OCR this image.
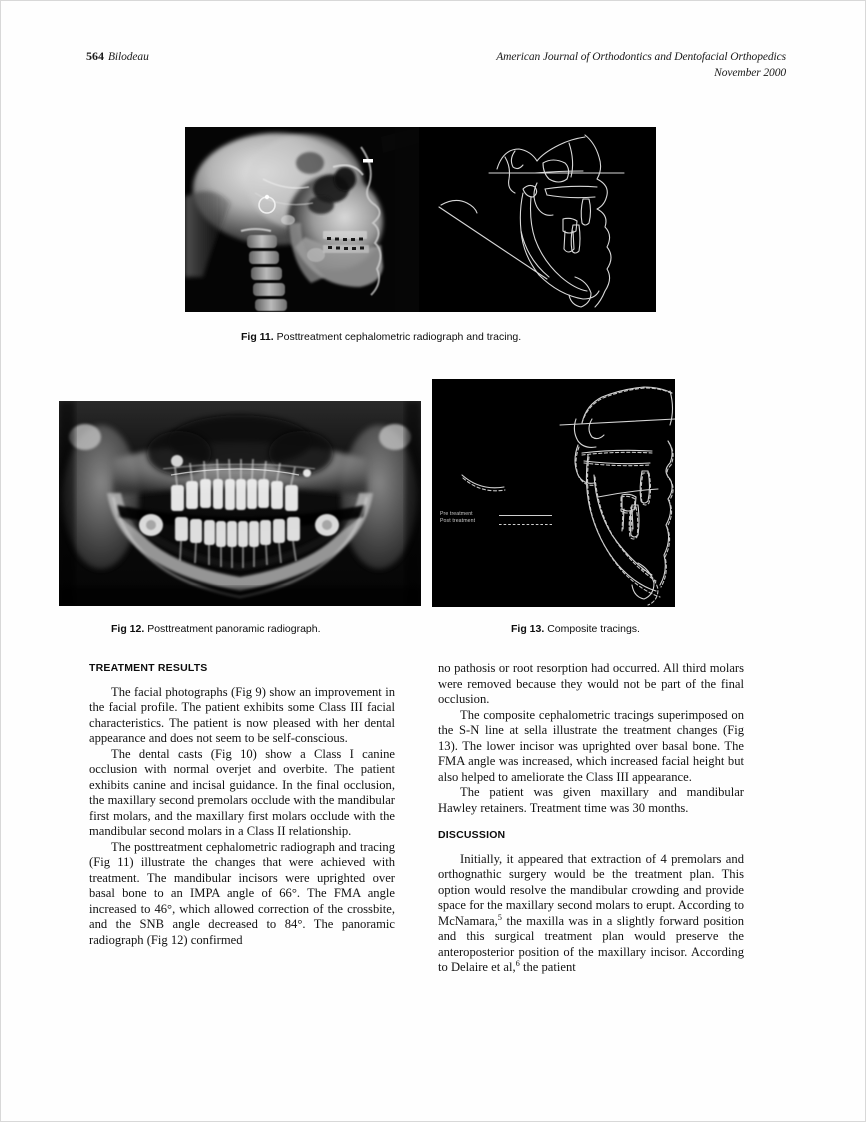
564 Bilodeau	American Journal of Orthodontics and Dentofacial Orthopedics
November 2000
Fig 11. Posttreatment cephalometric radiograph and tracing.
Fig 12. Posttreatment panoramic radiograph.
Pre treatment
Post treatment
Fig 13. Composite tracings.
TREATMENT RESULTS

The facial photographs (Fig 9) show an improvement in the facial profile. The patient exhibits some Class III facial characteristics. The patient is now pleased with her dental appearance and does not seem to be self-conscious.

The dental casts (Fig 10) show a Class I canine occlusion with normal overjet and overbite. The patient exhibits canine and incisal guidance. In the final occlusion, the maxillary second premolars occlude with the mandibular first molars, and the maxillary first molars occlude with the mandibular second molars in a Class II relationship.

The posttreatment cephalometric radiograph and tracing (Fig 11) illustrate the changes that were achieved with treatment. The mandibular incisors were uprighted over basal bone to an IMPA angle of 66°. The FMA angle increased to 46°, which allowed correction of the crossbite, and the SNB angle decreased to 84°. The panoramic radiograph (Fig 12) confirmed

no pathosis or root resorption had occurred. All third molars were removed because they would not be part of the final occlusion.

The composite cephalometric tracings superimposed on the S-N line at sella illustrate the treatment changes (Fig 13). The lower incisor was uprighted over basal bone. The FMA angle was increased, which increased facial height but also helped to ameliorate the Class III appearance.

The patient was given maxillary and mandibular Hawley retainers. Treatment time was 30 months.

DISCUSSION

Initially, it appeared that extraction of 4 premolars and orthognathic surgery would be the treatment plan. This option would resolve the mandibular crowding and provide space for the maxillary second molars to erupt. According to McNamara,$^5$ the maxilla was in a slightly forward position and this surgical treatment plan would preserve the anteroposterior position of the maxillary incisor. According to Delaire et al,$^6$ the patient
